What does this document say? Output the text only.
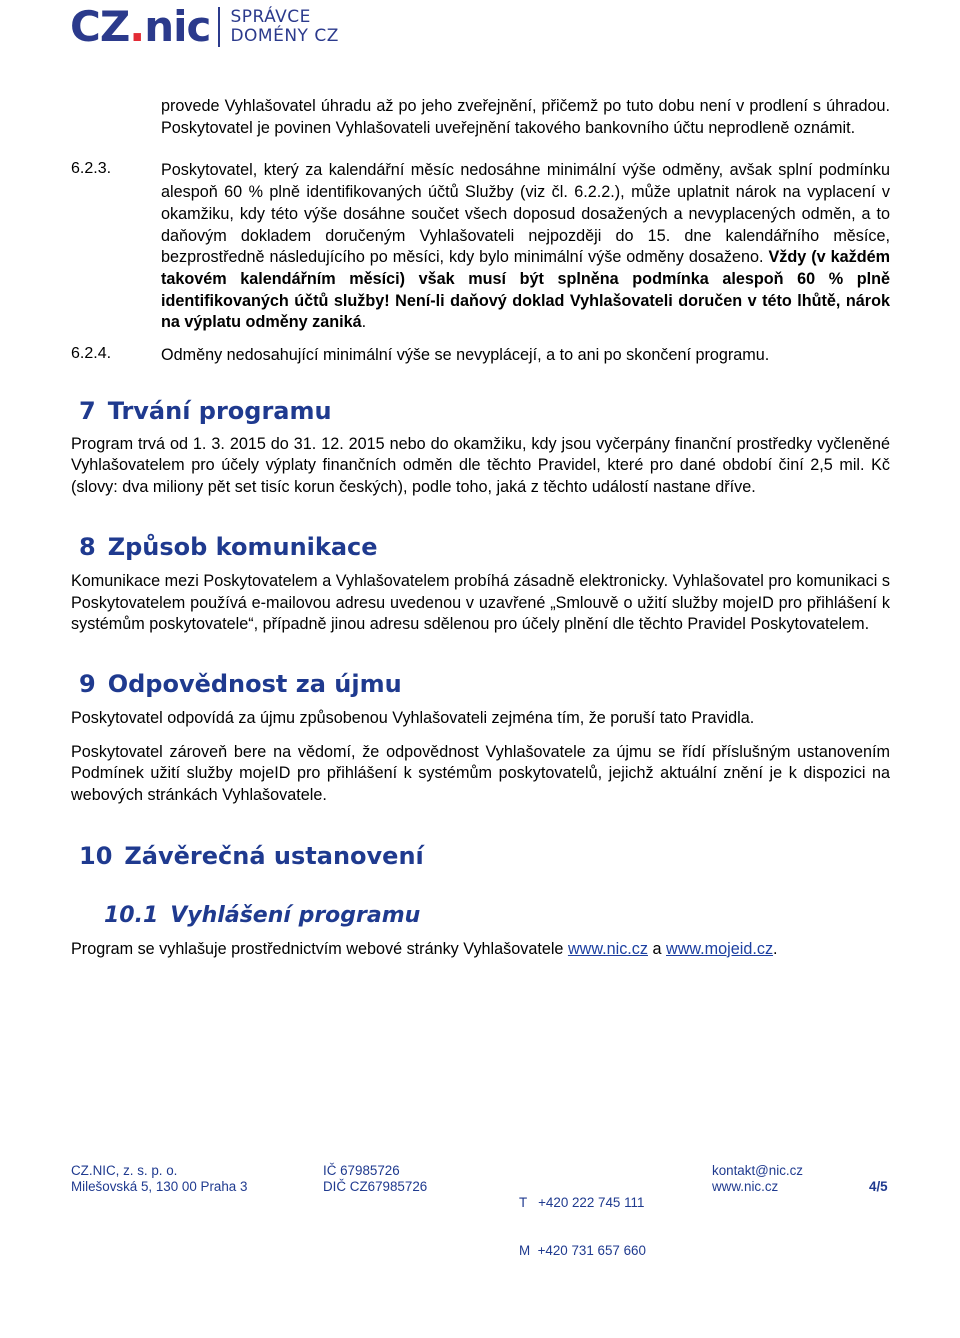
CZ.nic SPRÁVCE
DOMÉNY CZ

provede Vyhlašovatel úhradu až po jeho zveřejnění, přičemž po tuto dobu není v prodlení s úhradou. Poskytovatel je povinen Vyhlašovateli uveřejnění takového bankovního účtu neprodleně oznámit.

6.2.3.	Poskytovatel, který za kalendářní měsíc nedosáhne minimální výše odměny, avšak splní podmínku alespoň 60 % plně identifikovaných účtů Služby (viz čl. 6.2.2.), může uplatnit nárok na vyplacení v okamžiku, kdy této výše dosáhne součet všech doposud dosažených a nevyplacených odměn, a to daňovým dokladem doručeným Vyhlašovateli nejpozději do 15. dne kalendářního měsíce, bezprostředně následujícího po měsíci, kdy bylo minimální výše odměny dosaženo. Vždy (v každém takovém kalendářním měsíci) však musí být splněna podmínka alespoň 60 % plně identifikovaných účtů služby! Není-li daňový doklad Vyhlašovateli doručen v této lhůtě, nárok na výplatu odměny zaniká.

6.2.4.	Odměny nedosahující minimální výše se nevyplácejí, a to ani po skončení programu.

7 Trvání programu

Program trvá od 1. 3. 2015 do 31. 12. 2015 nebo do okamžiku, kdy jsou vyčerpány finanční prostředky vyčleněné Vyhlašovatelem pro účely výplaty finančních odměn dle těchto Pravidel, které pro dané období činí 2,5 mil. Kč (slovy: dva miliony pět set tisíc korun českých), podle toho, jaká z těchto událostí nastane dříve.

8 Způsob komunikace

Komunikace mezi Poskytovatelem a Vyhlašovatelem probíhá zásadně elektronicky. Vyhlašovatel pro komunikaci s Poskytovatelem používá e-mailovou adresu uvedenou v uzavřené „Smlouvě o užití služby mojeID pro přihlášení k systémům poskytovatele“, případně jinou adresu sdělenou pro účely plnění dle těchto Pravidel Poskytovatelem.

9 Odpovědnost za újmu

Poskytovatel odpovídá za újmu způsobenou Vyhlašovateli zejména tím, že poruší tato Pravidla.

Poskytovatel zároveň bere na vědomí, že odpovědnost Vyhlašovatele za újmu se řídí příslušným ustanovením Podmínek užití služby mojeID pro přihlášení k systémům poskytovatelů, jejichž aktuální znění je k dispozici na webových stránkách Vyhlašovatele.

10 Závěrečná ustanovení
10.1 Vyhlášení programu

Program se vyhlašuje prostřednictvím webové stránky Vyhlašovatele www.nic.cz a www.mojeid.cz.

CZ.NIC, z. s. p. o.
Milešovská 5, 130 00 Praha 3
IČ 67985726
DIČ CZ67985726

T   +420 222 745 111

M  +420 731 657 660

kontakt@nic.cz
www.nic.cz	4/5
